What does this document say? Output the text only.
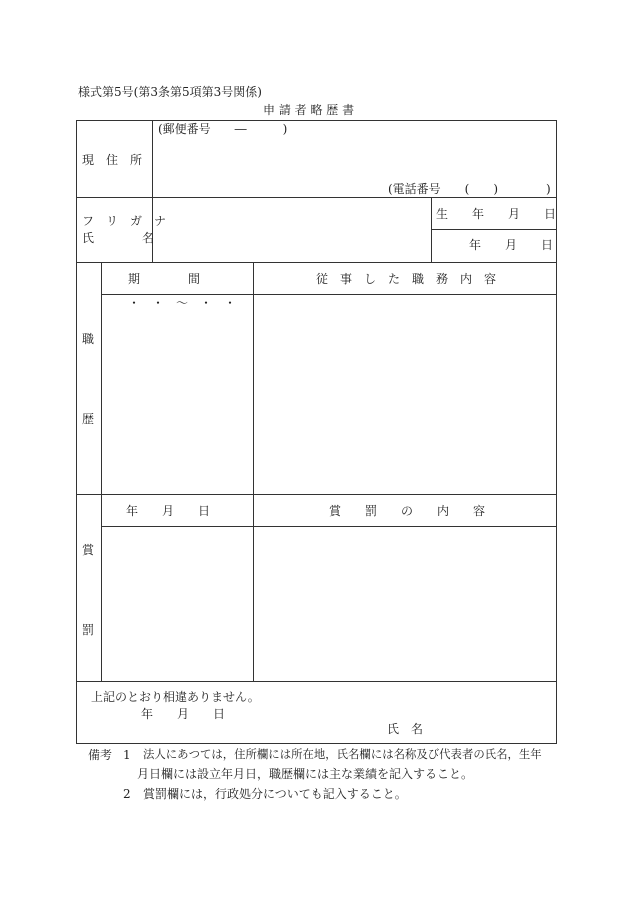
様式第5号(第3条第5項第3号関係)
申 請 者 略 歴 書
現　住　所
(郵便番号　　―　　　)
(電話番号　　(　　)　　　　)
フ　リ　ガ　ナ
氏　　　　名
生　　年　　月　　日
年　　月　　日
職
歴
期　　　　間	従　事　し　た　職　務　内　容
・　・　〜　・　・
賞
罰
年　　月　　日	賞　　罰　　の　　内　　容
上記のとおり相違ありません。
年　　月　　日
氏　名
備考 1 法人にあつては，住所欄には所在地，氏名欄には名称及び代表者の氏名，生年
月日欄には設立年月日，職歴欄には主な業績を記入すること。
2 賞罰欄には，行政処分についても記入すること。
